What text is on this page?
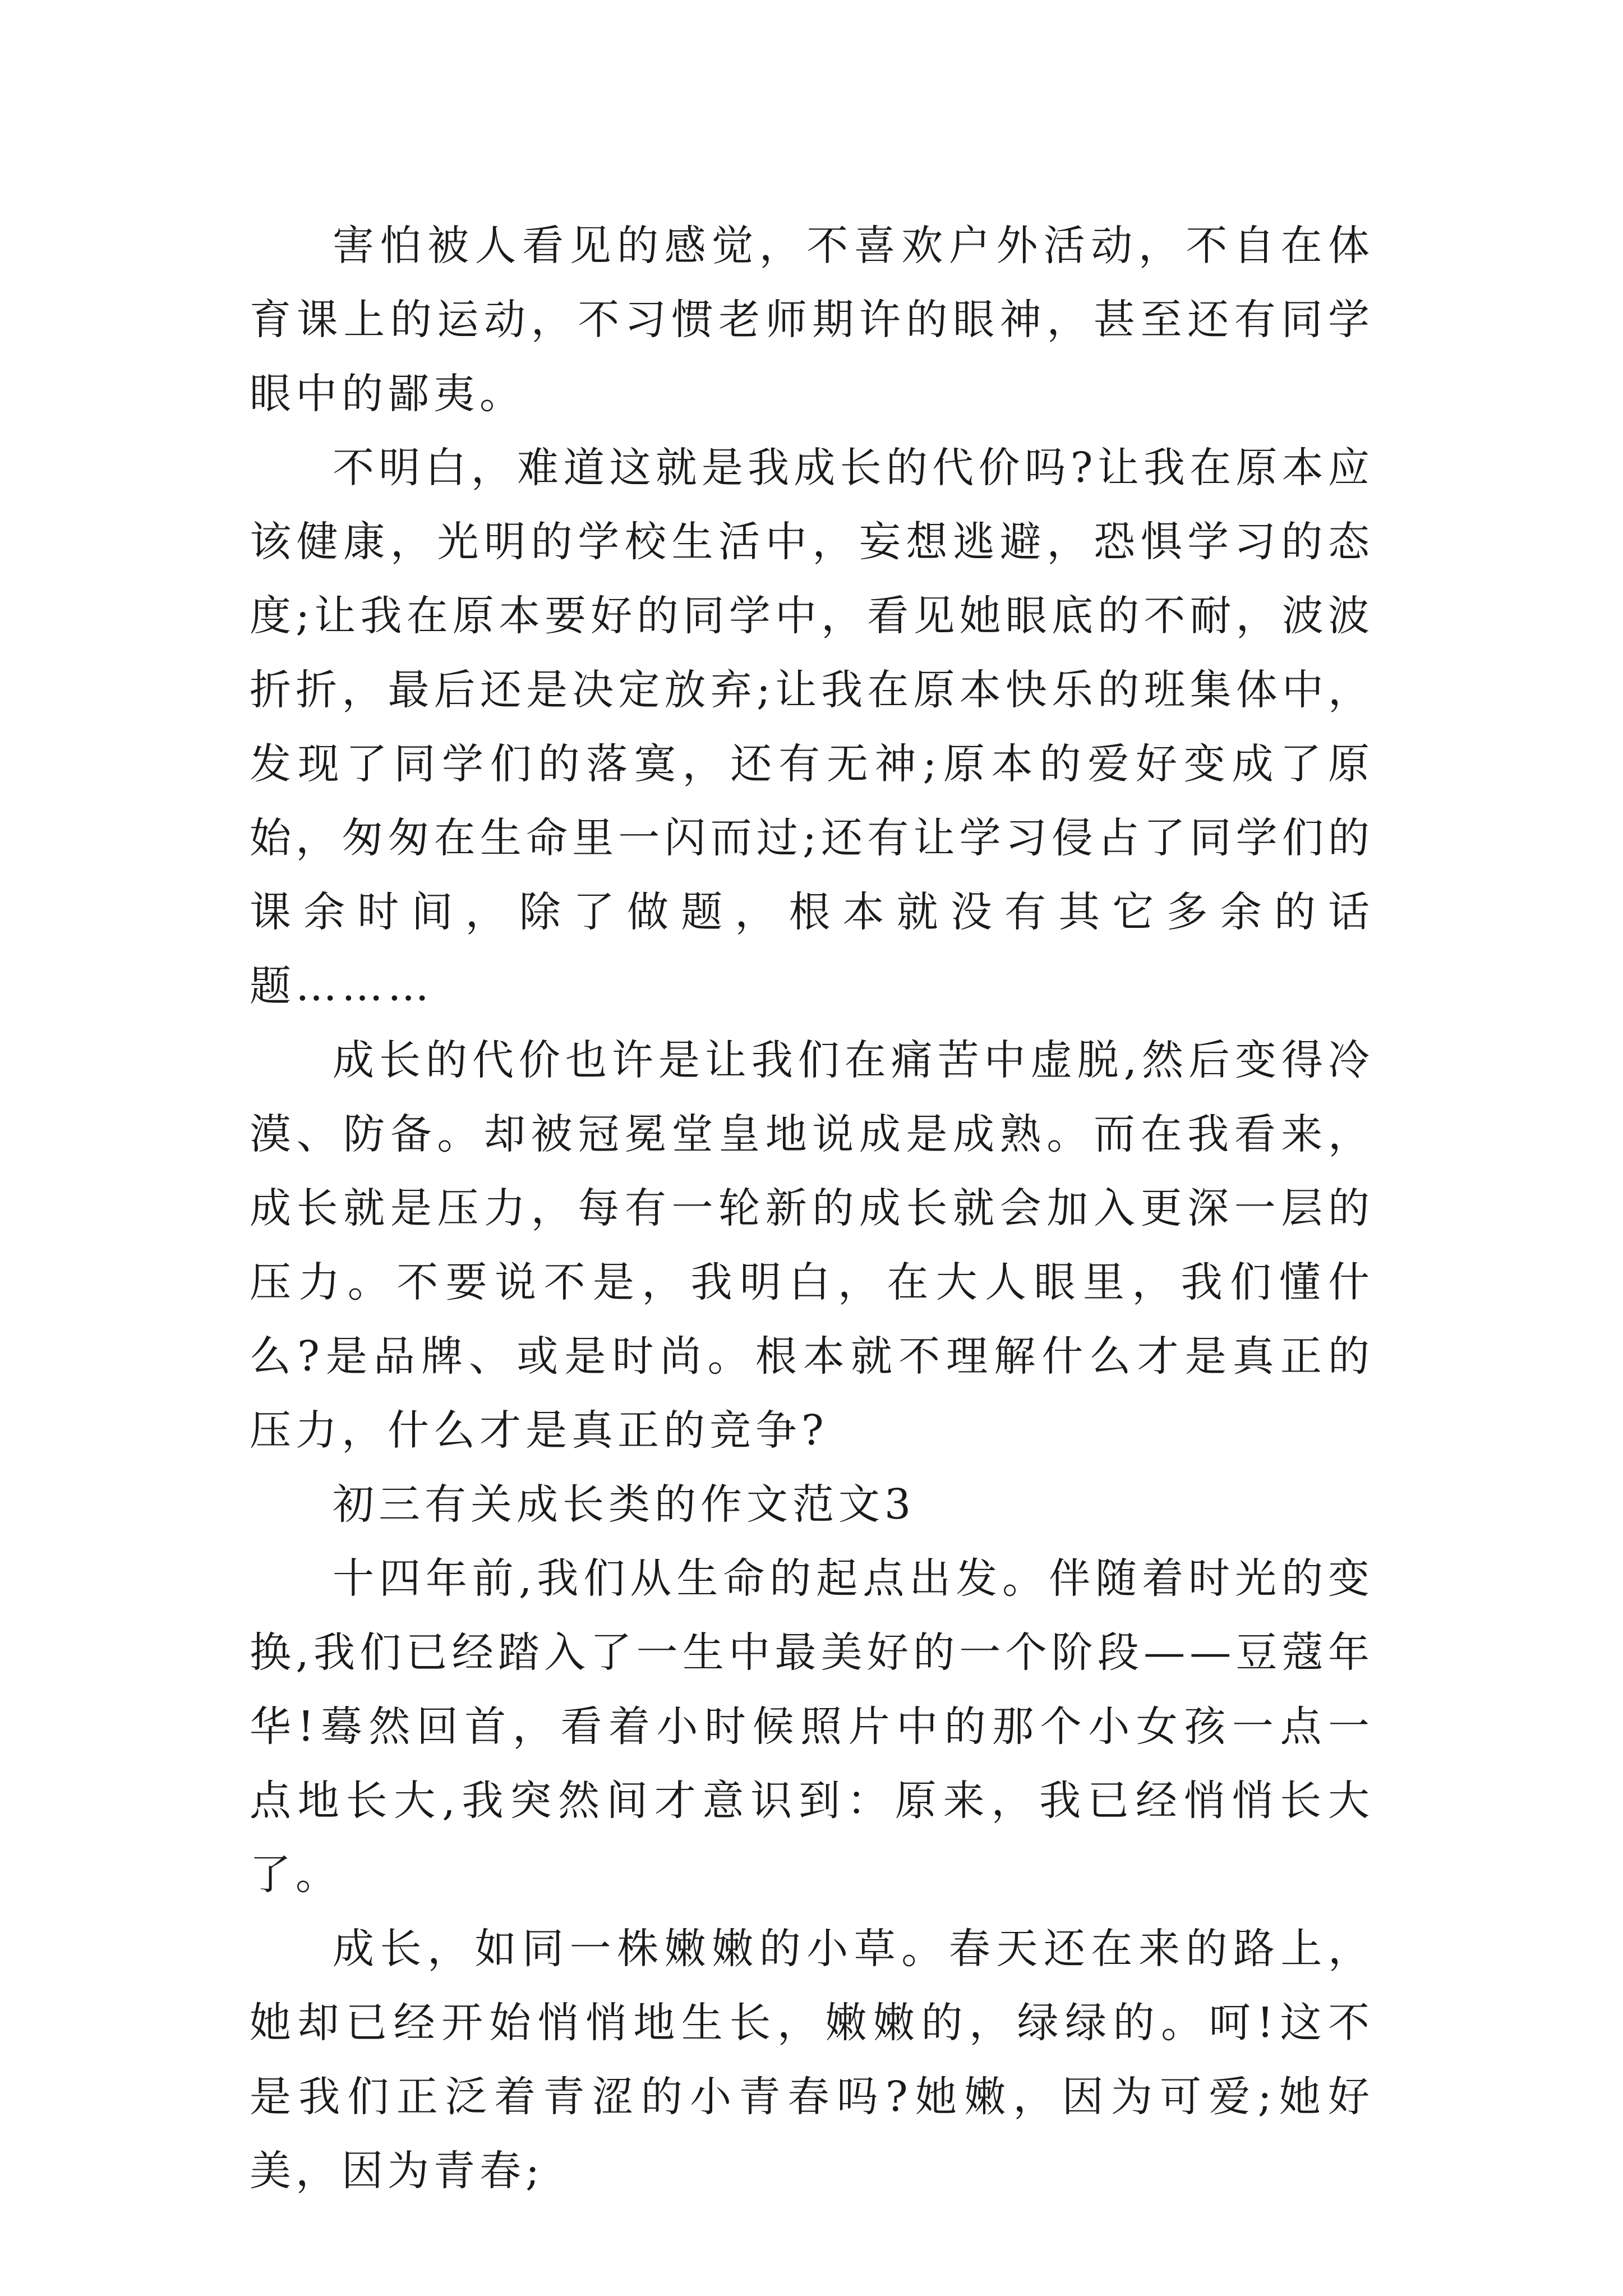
害怕被人看见的感觉，不喜欢户外活动，不自在体育课上的运动，不习惯老师期许的眼神，甚至还有同学眼中的鄙夷。

不明白，难道这就是我成长的代价吗?让我在原本应该健康，光明的学校生活中，妄想逃避，恐惧学习的态度;让我在原本要好的同学中，看见她眼底的不耐，波波折折，最后还是决定放弃;让我在原本快乐的班集体中，发现了同学们的落寞，还有无神;原本的爱好变成了原始，匆匆在生命里一闪而过;还有让学习侵占了同学们的课余时间，除了做题，根本就没有其它多余的话题………

成长的代价也许是让我们在痛苦中虚脱,然后变得冷漠、防备。却被冠冕堂皇地说成是成熟。而在我看来，成长就是压力，每有一轮新的成长就会加入更深一层的压力。不要说不是，我明白，在大人眼里，我们懂什么?是品牌、或是时尚。根本就不理解什么才是真正的压力，什么才是真正的竞争?

初三有关成长类的作文范文3

十四年前,我们从生命的起点出发。伴随着时光的变换,我们已经踏入了一生中最美好的一个阶段——豆蔻年华!蓦然回首，看着小时候照片中的那个小女孩一点一点地长大,我突然间才意识到：原来，我已经悄悄长大了。

成长，如同一株嫩嫩的小草。春天还在来的路上，她却已经开始悄悄地生长，嫩嫩的，绿绿的。呵!这不是我们正泛着青涩的小青春吗?她嫩，因为可爱;她好美，因为青春;
